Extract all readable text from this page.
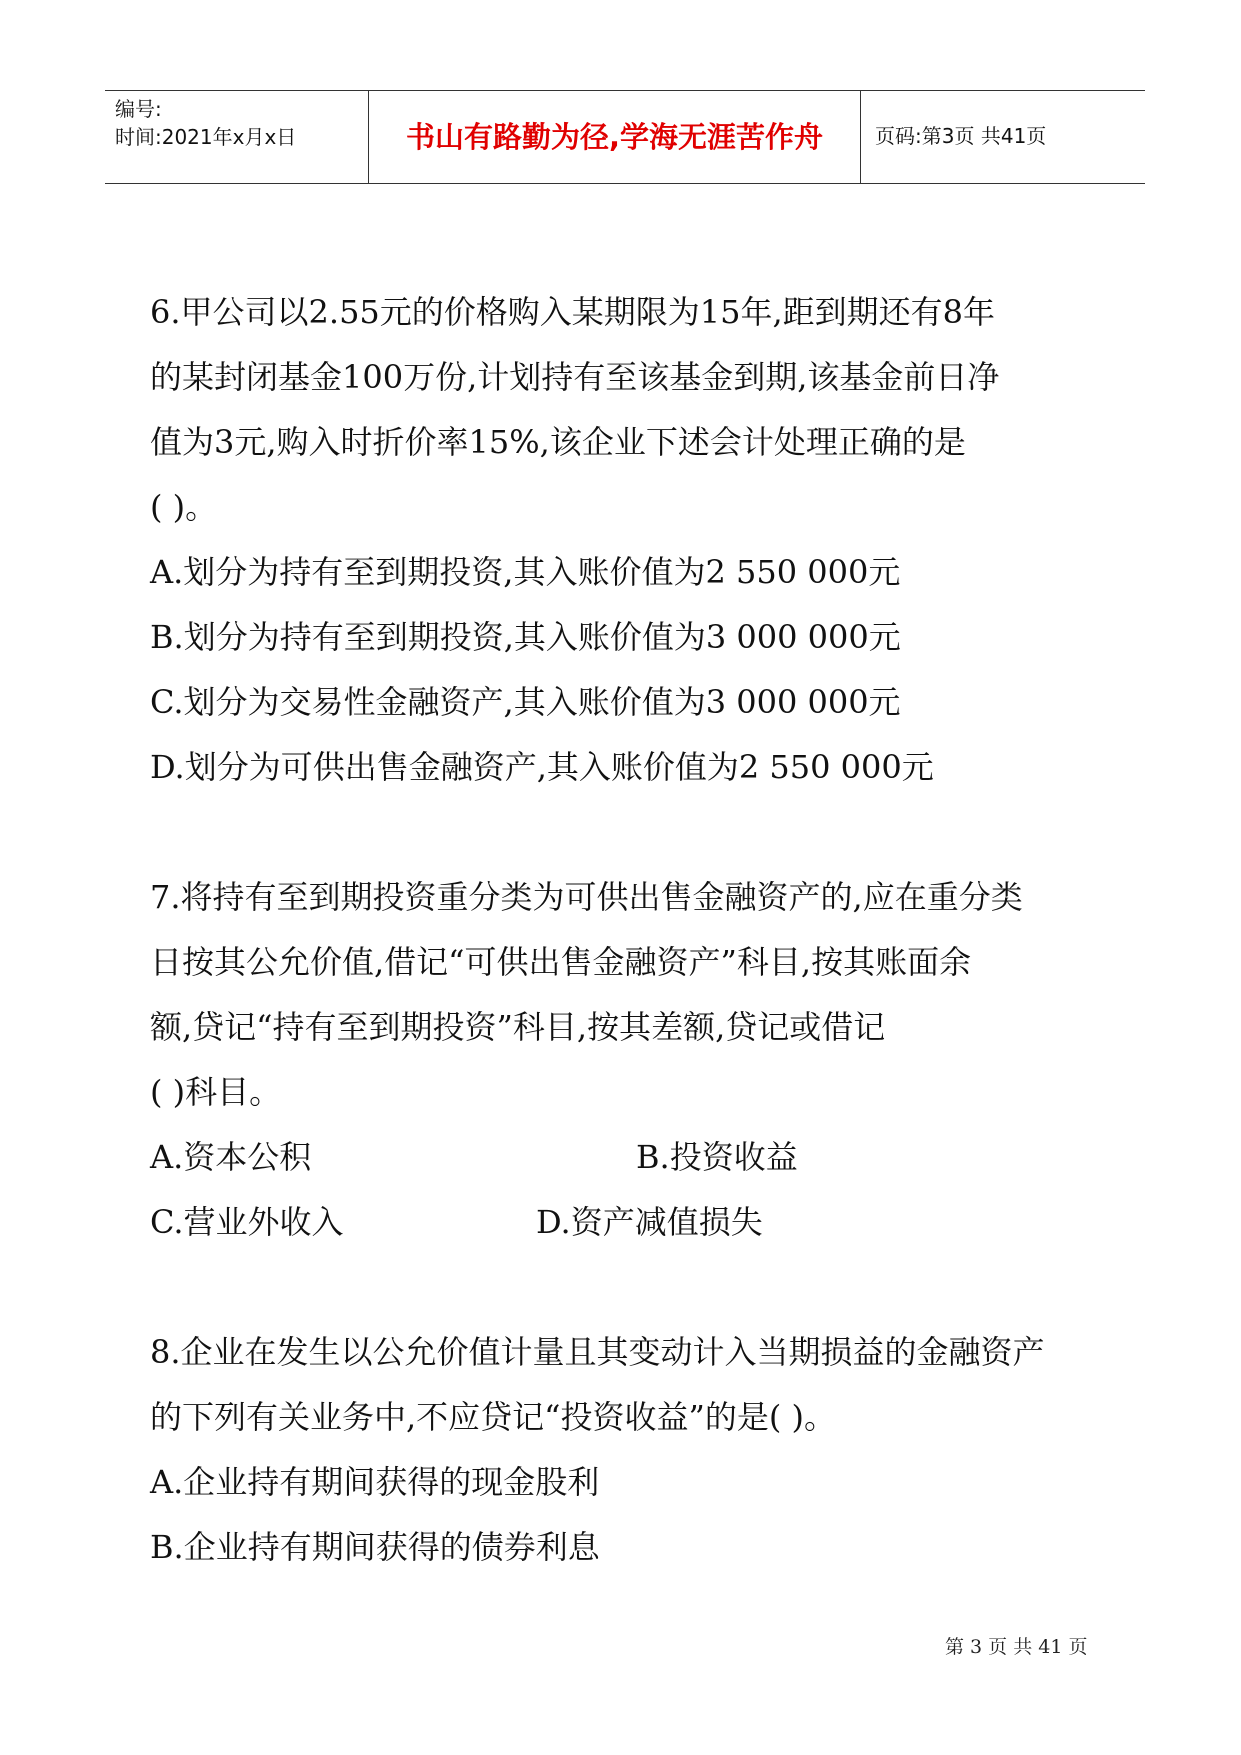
编号:
时间:2021年x月x日	书山有路勤为径,学海无涯苦作舟	页码:第3页 共41页
6.甲公司以2.55元的价格购入某期限为15年,距到期还有8年
的某封闭基金100万份,计划持有至该基金到期,该基金前日净
值为3元,购入时折价率15%,该企业下述会计处理正确的是
( )。
A.划分为持有至到期投资,其入账价值为2 550 000元
B.划分为持有至到期投资,其入账价值为3 000 000元
C.划分为交易性金融资产,其入账价值为3 000 000元
D.划分为可供出售金融资产,其入账价值为2 550 000元
7.将持有至到期投资重分类为可供出售金融资产的,应在重分类
日按其公允价值,借记“可供出售金融资产”科目,按其账面余
额,贷记“持有至到期投资”科目,按其差额,贷记或借记
( )科目。
A.资本公积	B.投资收益
C.营业外收入	D.资产减值损失
8.企业在发生以公允价值计量且其变动计入当期损益的金融资产
的下列有关业务中,不应贷记“投资收益”的是( )。
A.企业持有期间获得的现金股利
B.企业持有期间获得的债券利息
第 3 页 共 41 页
